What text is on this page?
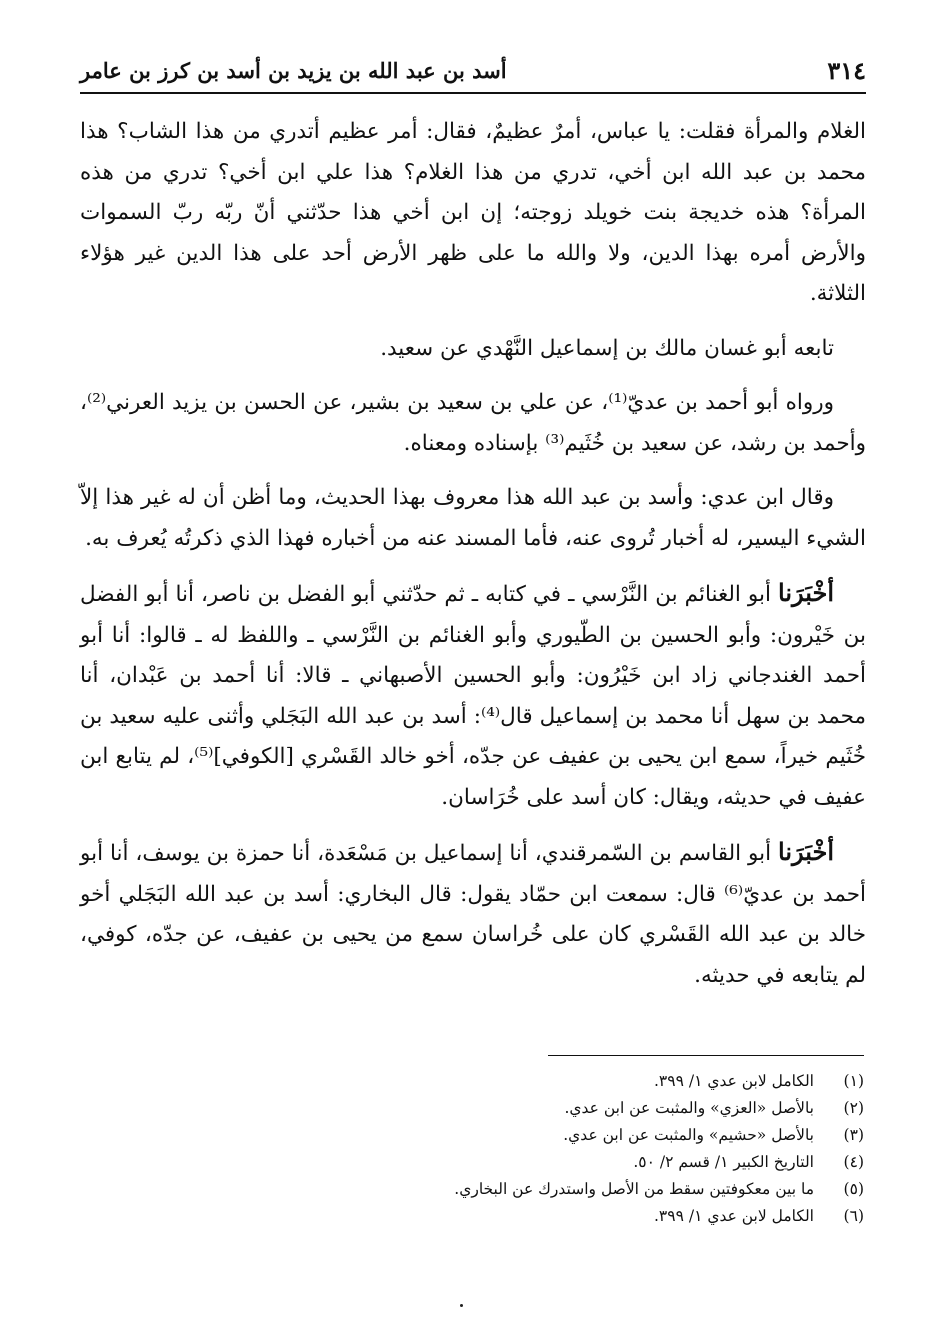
٣١٤
أسد بن عبد الله بن يزيد بن أسد بن كرز بن عامر

الغلام والمرأة فقلت: يا عباس، أمرٌ عظيمٌ، فقال: أمر عظيم أتدري من هذا الشاب؟ هذا محمد بن عبد الله ابن أخي، تدري من هذا الغلام؟ هذا علي ابن أخي؟ تدري من هذه المرأة؟ هذه خديجة بنت خويلد زوجته؛ إن ابن أخي هذا حدّثني أنّ ربّه ربّ السموات والأرض أمره بهذا الدين، ولا والله ما على ظهر الأرض أحد على هذا الدين غير هؤلاء الثلاثة.

تابعه أبو غسان مالك بن إسماعيل النَّهْدي عن سعيد.

ورواه أبو أحمد بن عديّ⁽¹⁾، عن علي بن سعيد بن بشير، عن الحسن بن يزيد العرني⁽²⁾، وأحمد بن رشد، عن سعيد بن خُثَيم⁽³⁾ بإسناده ومعناه.

وقال ابن عدي: وأسد بن عبد الله هذا معروف بهذا الحديث، وما أظن أن له غير هذا إلاّ الشيء اليسير، له أخبار تُروى عنه، فأما المسند عنه من أخباره فهذا الذي ذكرتُه يُعرف به.

أخْبَرَنا أبو الغنائم بن النَّرْسي ـ في كتابه ـ ثم حدّثني أبو الفضل بن ناصر، أنا أبو الفضل بن خَيْرون: وأبو الحسين بن الطّيوري وأبو الغنائم بن النَّرْسي ـ واللفظ له ـ قالوا: أنا أبو أحمد الغندجاني زاد ابن خَيْرُون: وأبو الحسين الأصبهاني ـ قالا: أنا أحمد بن عَبْدان، أنا محمد بن سهل أنا محمد بن إسماعيل قال⁽⁴⁾: أسد بن عبد الله البَجَلي وأثنى عليه سعيد بن خُثَيم خيراً، سمع ابن يحيى بن عفيف عن جدّه، أخو خالد القَسْري [الكوفي]⁽⁵⁾، لم يتابع ابن عفيف في حديثه، ويقال: كان أسد على خُرَاسان.

أخْبَرَنا أبو القاسم بن السّمرقندي، أنا إسماعيل بن مَسْعَدة، أنا حمزة بن يوسف، أنا أبو أحمد بن عديّ⁽⁶⁾ قال: سمعت ابن حمّاد يقول: قال البخاري: أسد بن عبد الله البَجَلي أخو خالد بن عبد الله القَسْري كان على خُراسان سمع من يحيى بن عفيف، عن جدّه، كوفي، لم يتابعه في حديثه.

(١)
الكامل لابن عدي ١/ ٣٩٩.
(٢)
بالأصل «العزي» والمثبت عن ابن عدي.
(٣)
بالأصل «حشيم» والمثبت عن ابن عدي.
(٤)
التاريخ الكبير ١/ قسم ٢/ ٥٠.
(٥)
ما بين معكوفتين سقط من الأصل واستدرك عن البخاري.
(٦)
الكامل لابن عدي ١/ ٣٩٩.
